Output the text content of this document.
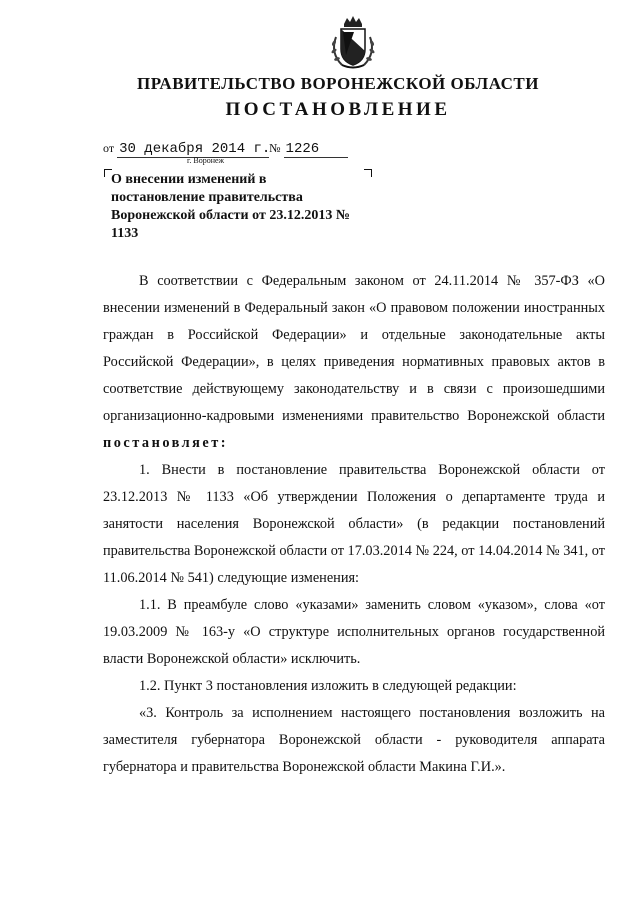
ПРАВИТЕЛЬСТВО ВОРОНЕЖСКОЙ ОБЛАСТИ
ПОСТАНОВЛЕНИЕ
от 30 декабря 2014 г.№ 1226
г. Воронеж

О внесении изменений в постановление правительства Воронежской области от 23.12.2013 № 1133

В соответствии с Федеральным законом от 24.11.2014 № 357-ФЗ «О внесении изменений в Федеральный закон «О правовом положении иностранных граждан в Российской Федерации» и отдельные законодательные акты Российской Федерации», в целях приведения нормативных правовых актов в соответствие действующему законодательству и в связи с произошедшими организационно-кадровыми изменениями правительство Воронежской области постановляет:

1. Внести в постановление правительства Воронежской области от 23.12.2013 № 1133 «Об утверждении Положения о департаменте труда и занятости населения Воронежской области» (в редакции постановлений правительства Воронежской области от 17.03.2014 № 224, от 14.04.2014 № 341, от 11.06.2014 № 541) следующие изменения:

1.1. В преамбуле слово «указами» заменить словом «указом», слова «от 19.03.2009 № 163-у «О структуре исполнительных органов государственной власти Воронежской области» исключить.

1.2. Пункт 3 постановления изложить в следующей редакции:

«3. Контроль за исполнением настоящего постановления возложить на заместителя губернатора Воронежской области - руководителя аппарата губернатора и правительства Воронежской области Макина Г.И.».
